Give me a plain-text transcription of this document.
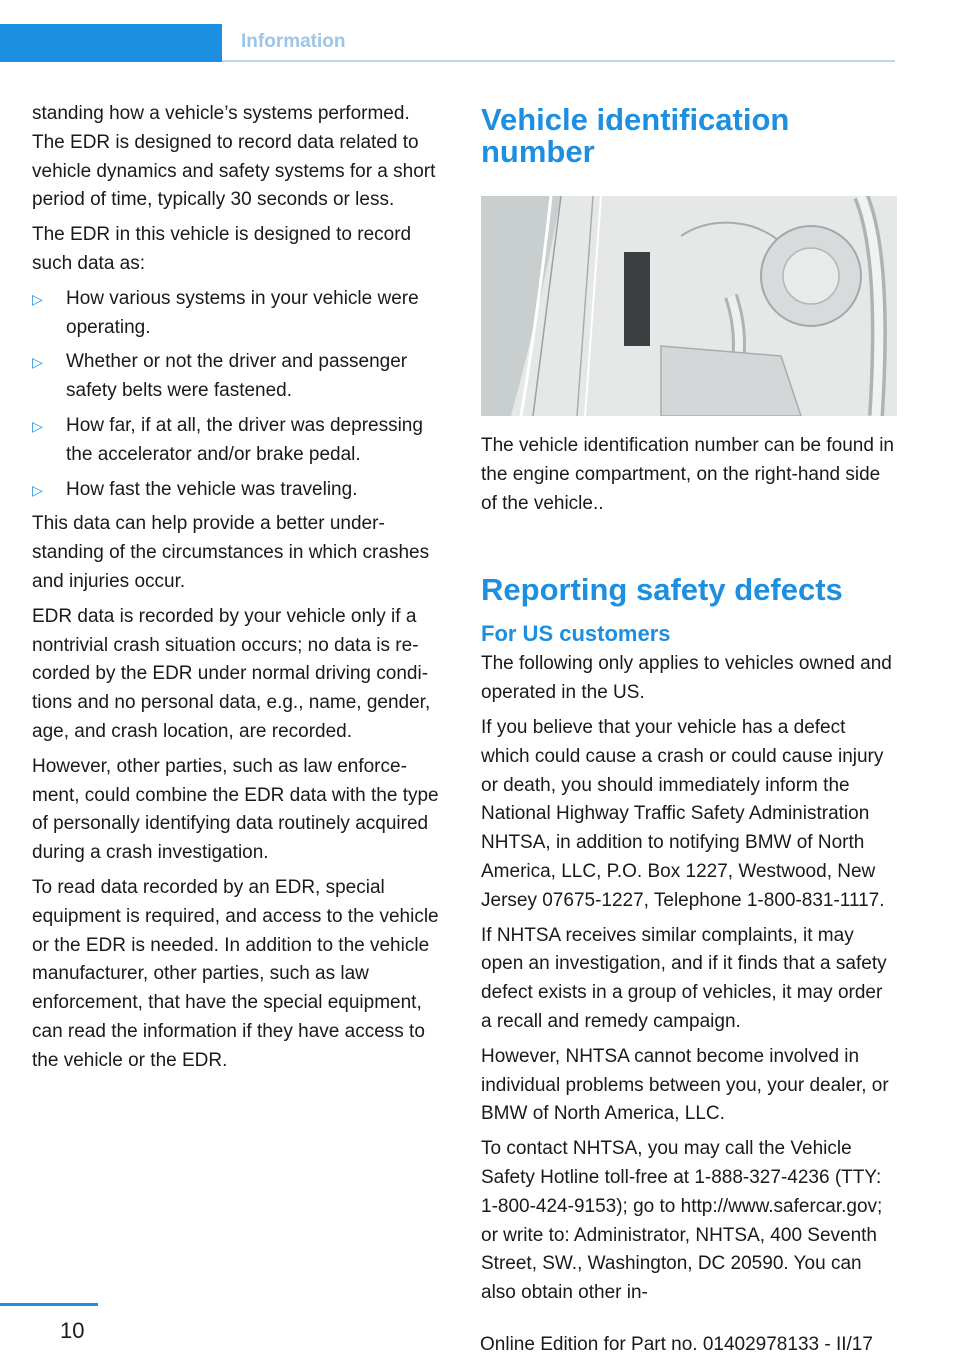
Information

standing how a vehicle’s systems performed. The EDR is designed to record data related to vehicle dynamics and safety systems for a short period of time, typically 30 seconds or less.

The EDR in this vehicle is designed to record such data as:

▷ How various systems in your vehicle were operating.
▷ Whether or not the driver and passenger safety belts were fastened.
▷ How far, if at all, the driver was depressing the accelerator and/or brake pedal.
▷ How fast the vehicle was traveling.

This data can help provide a better understanding of the circumstances in which crashes and injuries occur.

EDR data is recorded by your vehicle only if a nontrivial crash situation occurs; no data is recorded by the EDR under normal driving conditions and no personal data, e.g., name, gender, age, and crash location, are recorded.

However, other parties, such as law enforcement, could combine the EDR data with the type of personally identifying data routinely acquired during a crash investigation.

To read data recorded by an EDR, special equipment is required, and access to the vehicle or the EDR is needed. In addition to the vehicle manufacturer, other parties, such as law enforcement, that have the special equipment, can read the information if they have access to the vehicle or the EDR.

Vehicle identification number

The vehicle identification number can be found in the engine compartment, on the right-hand side of the vehicle..

Reporting safety defects
For US customers

The following only applies to vehicles owned and operated in the US.

If you believe that your vehicle has a defect which could cause a crash or could cause injury or death, you should immediately inform the National Highway Traffic Safety Administration NHTSA, in addition to notifying BMW of North America, LLC, P.O. Box 1227, Westwood, New Jersey 07675-1227, Telephone 1-800-831-1117.

If NHTSA receives similar complaints, it may open an investigation, and if it finds that a safety defect exists in a group of vehicles, it may order a recall and remedy campaign.

However, NHTSA cannot become involved in individual problems between you, your dealer, or BMW of North America, LLC.

To contact NHTSA, you may call the Vehicle Safety Hotline toll-free at 1-888-327-4236 (TTY: 1-800-424-9153); go to http://www.safercar.gov; or write to: Administrator, NHTSA, 400 Seventh Street, SW., Washington, DC 20590. You can also obtain other in-

10
Online Edition for Part no. 01402978133 - II/17
